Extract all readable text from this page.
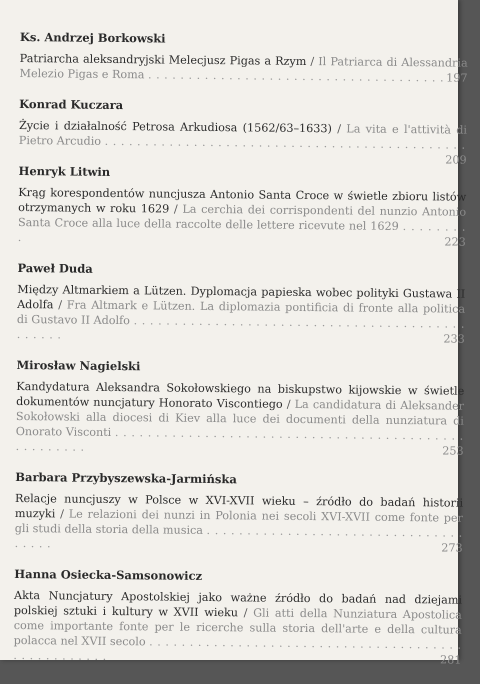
Ks. Andrzej Borkowski

Patriarcha aleksandryjski Melecjusz Pigas a Rzym / Il Patriarca di Alessandria Melezio Pigas e Roma . . . . . . . . . . . . . . . . . . . . . . . . . . . . . . . . . . . . . 197

Konrad Kuczara

Życie i działalność Petrosa Arkudiosa (1562/63–1633) / La vita e l'attività di Pietro Arcudio . . . . . . . . . . . . . . . . . . . . . . . . . . . . . . . . . . . . . . . . . . . . .
209

Henryk Litwin

Krąg korespondentów nuncjusza Antonio Santa Croce w świetle zbioru listów otrzymanych w roku 1629 / La cerchia dei corrispondenti del nunzio Antonio Santa Croce alla luce della raccolte delle lettere ricevute nel 1629 . . . . . . . . .	223

Paweł Duda

Między Altmarkiem a Lützen. Dyplomacja papieska wobec polityki Gustawa II Adolfa / Fra Altmark e Lützen. La diplomazia pontificia di fronte alla politica di Gustavo II Adolfo . . . . . . . . . . . . . . . . . . . . . . . . . . . . . . . . . . . . . . . . . . . . . . .	233

Mirosław Nagielski

Kandydatura Aleksandra Sokołowskiego na biskupstwo kijowskie w świetle dokumentów nuncjatury Honorato Viscontiego / La candidatura di Aleksander Sokołowski alla diocesi di Kiev alla luce dei documenti della nunziatura di Onorato Visconti . . . . . . . . . . . . . . . . . . . . . . . . . . . . . . . . . . . . . . . . . . . . . . . . . . . .	253

Barbara Przybyszewska-Jarmińska

Relacje nuncjuszy w Polsce w XVI-XVII wieku – źródło do badań historii muzyki / Le relazioni dei nunzi in Polonia nei secoli XVI-XVII come fonte per gli studi della storia della musica . . . . . . . . . . . . . . . . . . . . . . . . . . . . . . . . . . . . .	273

Hanna Osiecka-Samsonowicz

Akta Nuncjatury Apostolskiej jako ważne źródło do badań nad dziejami polskiej sztuki i kultury w XVII wieku / Gli atti della Nunziatura Apostolica come importante fonte per le ricerche sulla storia dell'arte e della cultura polacca nel XVII secolo . . . . . . . . . . . . . . . . . . . . . . . . . . . . . . . . . . . . . . . . . . . . . . . . . . .	281
